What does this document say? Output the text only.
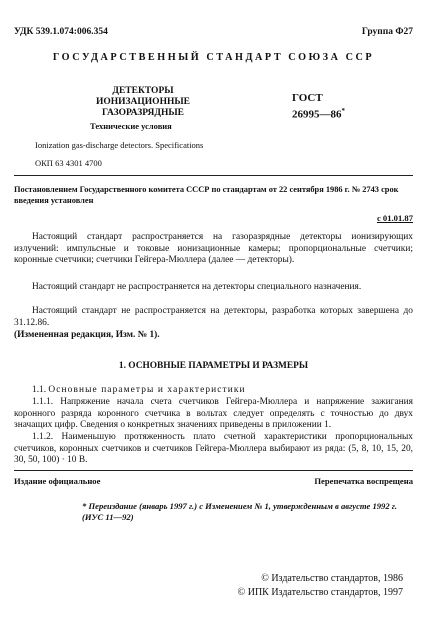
УДК 539.1.074:006.354	Группа Ф27
ГОСУДАРСТВЕННЫЙ СТАНДАРТ СОЮЗА ССР
ДЕТЕКТОРЫ ИОНИЗАЦИОННЫЕ
ГАЗОРАЗРЯДНЫЕ
Технические условия
ГОСТ
26995—86*
Ionization gas-discharge detectors. Specifications
ОКП 63 4301 4700
Постановлением Государственного комитета СССР по стандартам от 22 сентября 1986 г. № 2743 срок введения установлен
с 01.01.87
Настоящий стандарт распространяется на газоразрядные детекторы ионизирующих излучений: импульсные и токовые ионизационные камеры; пропорциональные счетчики; коронные счетчики; счетчики Гейгера-Мюллера (далее — детекторы).
Настоящий стандарт не распространяется на детекторы специального назначения.
Настоящий стандарт не распространяется на детекторы, разработка которых завершена до 31.12.86.
(Измененная редакция, Изм. № 1).
1. ОСНОВНЫЕ ПАРАМЕТРЫ И РАЗМЕРЫ
1.1. Основные параметры и характеристики
1.1.1. Напряжение начала счета счетчиков Гейгера-Мюллера и напряжение зажигания коронного разряда коронного счетчика в вольтах следует определять с точностью до двух значащих цифр. Сведения о конкретных значениях приведены в приложении 1.
1.1.2. Наименьшую протяженность плато счетной характеристики пропорциональных счетчиков, коронных счетчиков и счетчиков Гейгера-Мюллера выбирают из ряда: (5, 8, 10, 15, 20, 30, 50, 100) · 10 В.
Издание официальное	Перепечатка воспрещена
* Переиздание (январь 1997 г.) с Изменением № 1, утвержденным в августе 1992 г. (ИУС 11—92)
© Издательство стандартов, 1986
© ИПК Издательство стандартов, 1997
